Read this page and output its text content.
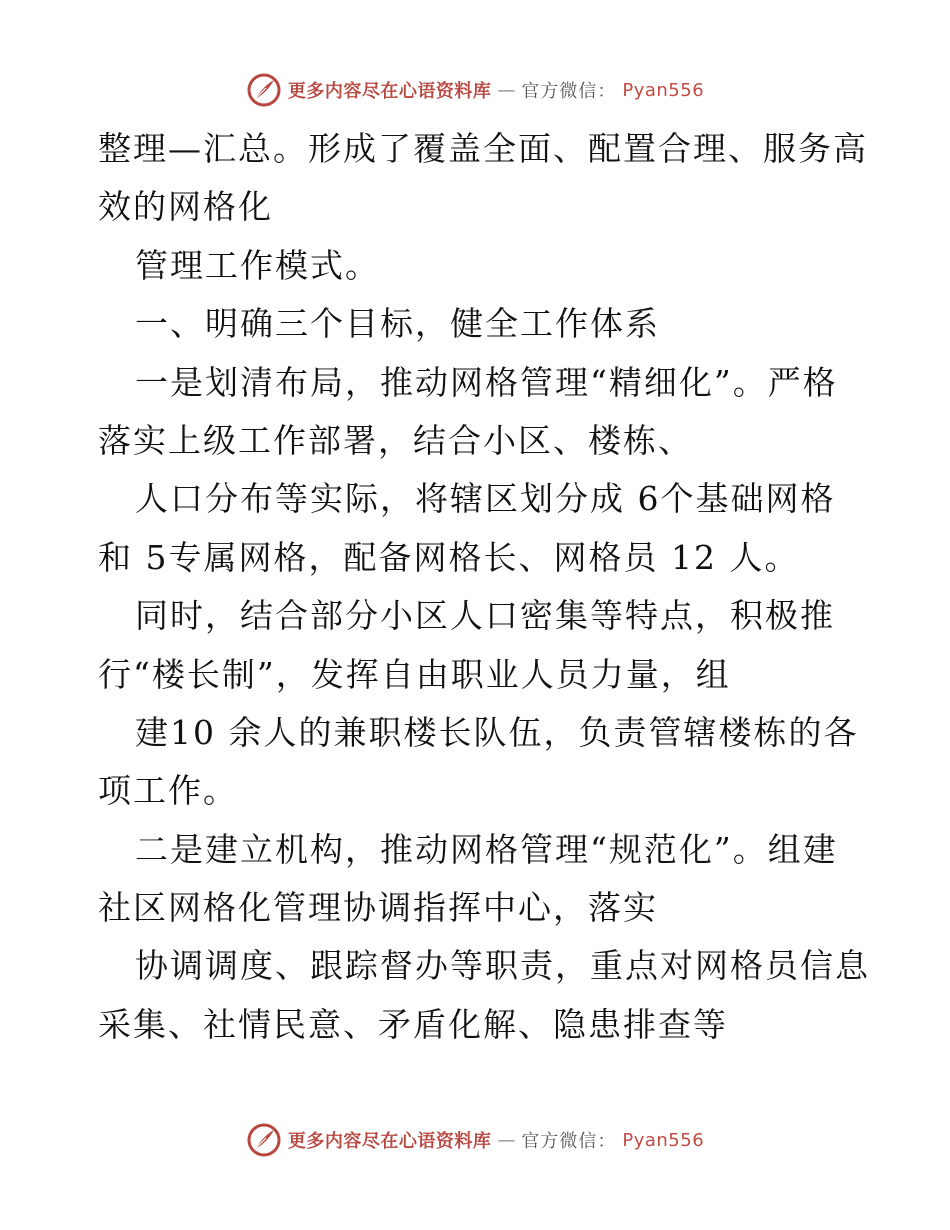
更多内容尽在心语资料库 — 官方微信： Pyan556
整理—汇总。形成了覆盖全面、配置合理、服务高
效的网格化
管理工作模式。
一、明确三个目标，健全工作体系
一是划清布局，推动网格管理“精细化”。严格
落实上级工作部署，结合小区、楼栋、
人口分布等实际，将辖区划分成 6个基础网格
和 5专属网格，配备网格长、网格员 12 人。
同时，结合部分小区人口密集等特点，积极推
行“楼长制”，发挥自由职业人员力量，组
建10 余人的兼职楼长队伍，负责管辖楼栋的各
项工作。
二是建立机构，推动网格管理“规范化”。组建
社区网格化管理协调指挥中心，落实
协调调度、跟踪督办等职责，重点对网格员信息
采集、社情民意、矛盾化解、隐患排查等
更多内容尽在心语资料库 — 官方微信： Pyan556
